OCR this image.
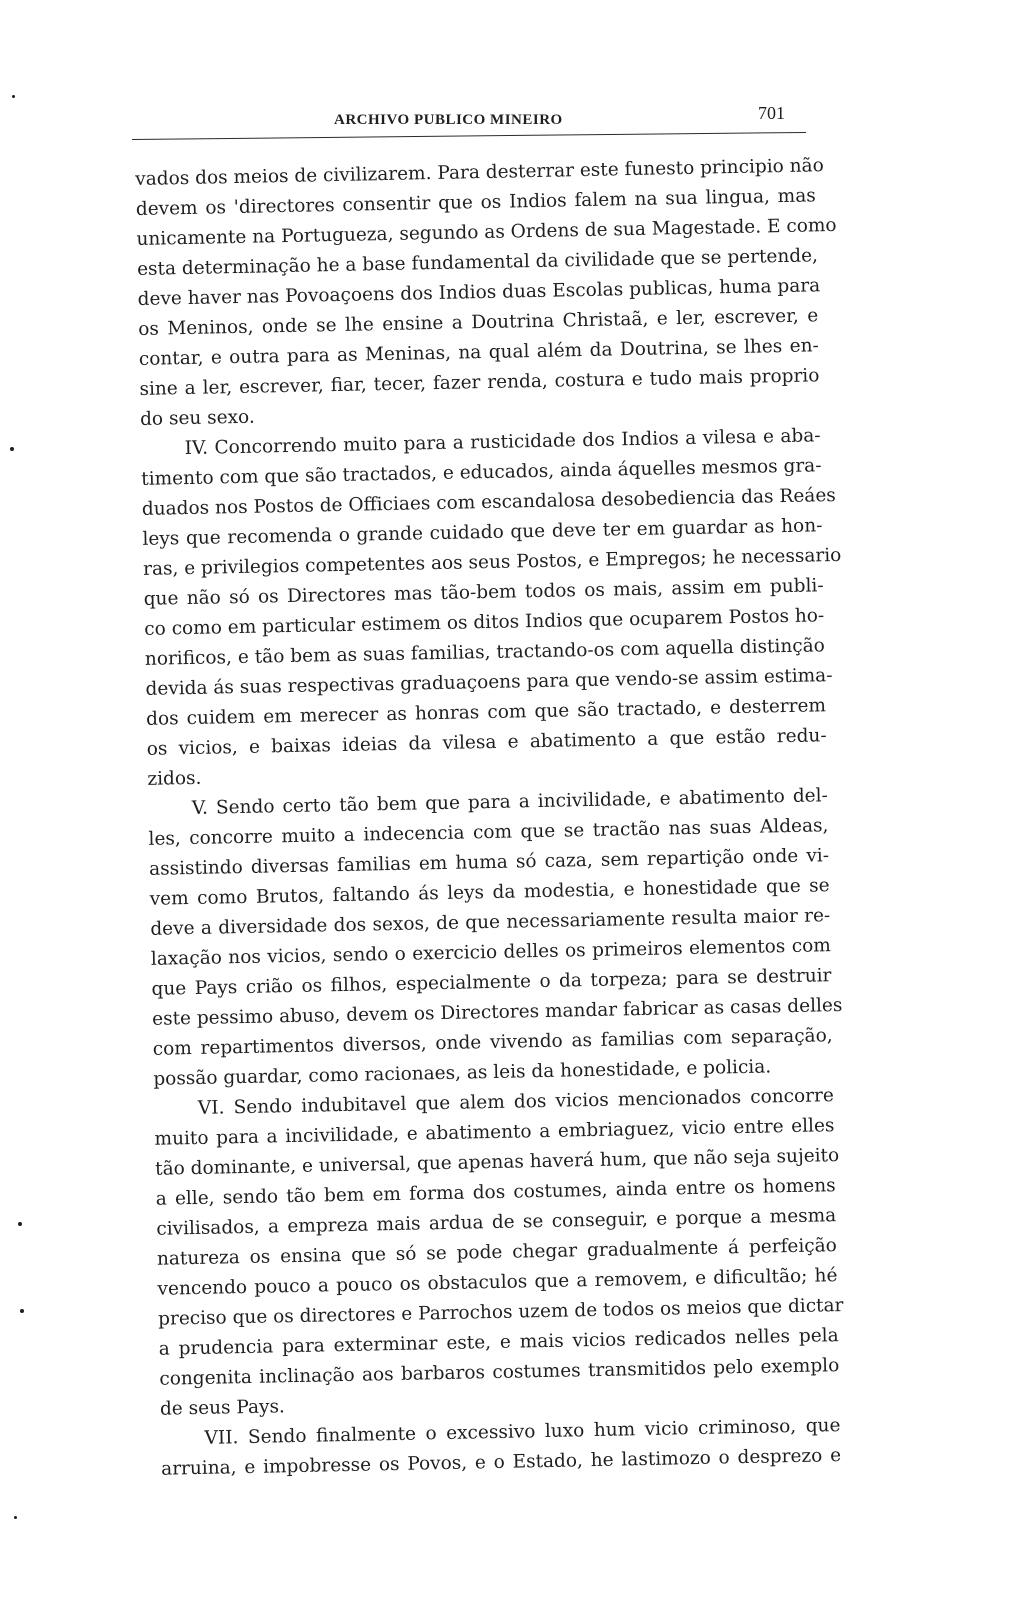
ARCHIVO PUBLICO MINEIRO	701
vados dos meios de civilizarem. Para desterrar este funesto principio não
devem os 'directores consentir que os Indios falem na sua lingua, mas
unicamente na Portugueza, segundo as Ordens de sua Magestade. E como
esta determinação he a base fundamental da civilidade que se pertende,
deve haver nas Povoaçoens dos Indios duas Escolas publicas, huma para
os Meninos, onde se lhe ensine a Doutrina Christaã, e ler, escrever, e
contar, e outra para as Meninas, na qual além da Doutrina, se lhes en-
sine a ler, escrever, fiar, tecer, fazer renda, costura e tudo mais proprio
do seu sexo.
IV. Concorrendo muito para a rusticidade dos Indios a vilesa e aba-
timento com que são tractados, e educados, ainda áquelles mesmos gra-
duados nos Postos de Officiaes com escandalosa desobediencia das Reáes
leys que recomenda o grande cuidado que deve ter em guardar as hon-
ras, e privilegios competentes aos seus Postos, e Empregos; he necessario
que não só os Directores mas tão-bem todos os mais, assim em publi-
co como em particular estimem os ditos Indios que ocuparem Postos ho-
norificos, e tão bem as suas familias, tractando-os com aquella distinção
devida ás suas respectivas graduaçoens para que vendo-se assim estima-
dos cuidem em merecer as honras com que são tractado, e desterrem
os vicios, e baixas ideias da vilesa e abatimento a que estão redu-
zidos.
V. Sendo certo tão bem que para a incivilidade, e abatimento del-
les, concorre muito a indecencia com que se tractão nas suas Aldeas,
assistindo diversas familias em huma só caza, sem repartição onde vi-
vem como Brutos, faltando ás leys da modestia, e honestidade que se
deve a diversidade dos sexos, de que necessariamente resulta maior re-
laxação nos vicios, sendo o exercicio delles os primeiros elementos com
que Pays crião os filhos, especialmente o da torpeza; para se destruir
este pessimo abuso, devem os Directores mandar fabricar as casas delles
com repartimentos diversos, onde vivendo as familias com separação,
possão guardar, como racionaes, as leis da honestidade, e policia.
VI. Sendo indubitavel que alem dos vicios mencionados concorre
muito para a incivilidade, e abatimento a embriaguez, vicio entre elles
tão dominante, e universal, que apenas haverá hum, que não seja sujeito
a elle, sendo tão bem em forma dos costumes, ainda entre os homens
civilisados, a empreza mais ardua de se conseguir, e porque a mesma
natureza os ensina que só se pode chegar gradualmente á perfeição
vencendo pouco a pouco os obstaculos que a removem, e dificultão; hé
preciso que os directores e Parrochos uzem de todos os meios que dictar
a prudencia para exterminar este, e mais vicios redicados nelles pela
congenita inclinação aos barbaros costumes transmitidos pelo exemplo
de seus Pays.
VII. Sendo finalmente o excessivo luxo hum vicio criminoso, que
arruina, e impobresse os Povos, e o Estado, he lastimozo o desprezo e
